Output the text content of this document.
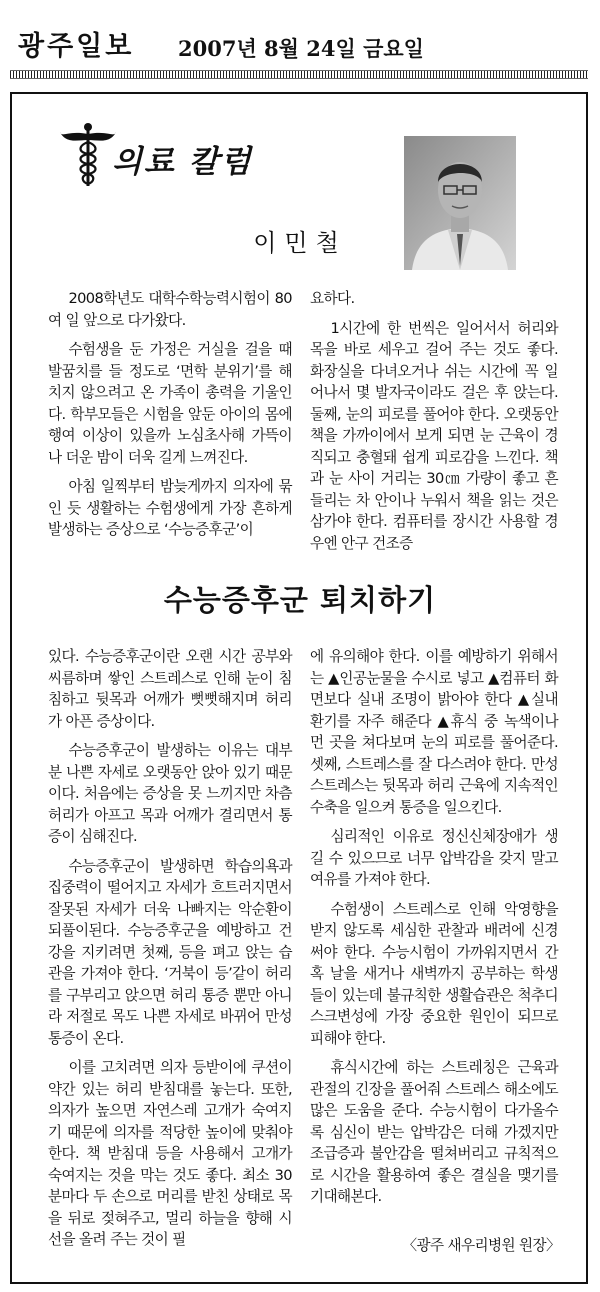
광주일보 2007년 8월 24일 금요일
의료 칼럼
이민철

2008학년도 대학수학능력시험이 80여 일 앞으로 다가왔다.

수험생을 둔 가정은 거실을 걸을 때 발꿈치를 들 정도로 ‘면학 분위기’를 해치지 않으려고 온 가족이 총력을 기울인다. 학부모들은 시험을 앞둔 아이의 몸에 행여 이상이 있을까 노심초사해 가뜩이나 더운 밤이 더욱 길게 느껴진다.

아침 일찍부터 밤늦게까지 의자에 묶인 듯 생활하는 수험생에게 가장 흔하게 발생하는 증상으로 ‘수능증후군’이

요하다.

1시간에 한 번씩은 일어서서 허리와 목을 바로 세우고 걸어 주는 것도 좋다. 화장실을 다녀오거나 쉬는 시간에 꼭 일어나서 몇 발자국이라도 걸은 후 앉는다. 둘째, 눈의 피로를 풀어야 한다. 오랫동안 책을 가까이에서 보게 되면 눈 근육이 경직되고 충혈돼 쉽게 피로감을 느낀다. 책과 눈 사이 거리는 30㎝ 가량이 좋고 흔들리는 차 안이나 누워서 책을 읽는 것은 삼가야 한다. 컴퓨터를 장시간 사용할 경우엔 안구 건조증

수능증후군 퇴치하기

있다. 수능증후군이란 오랜 시간 공부와 씨름하며 쌓인 스트레스로 인해 눈이 침침하고 뒷목과 어깨가 뻣뻣해지며 허리가 아픈 증상이다.

수능증후군이 발생하는 이유는 대부분 나쁜 자세로 오랫동안 앉아 있기 때문이다. 처음에는 증상을 못 느끼지만 차츰 허리가 아프고 목과 어깨가 결리면서 통증이 심해진다.

수능증후군이 발생하면 학습의욕과 집중력이 떨어지고 자세가 흐트러지면서 잘못된 자세가 더욱 나빠지는 악순환이 되풀이된다. 수능증후군을 예방하고 건강을 지키려면 첫째, 등을 펴고 앉는 습관을 가져야 한다. ‘거북이 등’같이 허리를 구부리고 앉으면 허리 통증 뿐만 아니라 저절로 목도 나쁜 자세로 바뀌어 만성통증이 온다.

이를 고치려면 의자 등받이에 쿠션이 약간 있는 허리 받침대를 놓는다. 또한, 의자가 높으면 자연스레 고개가 숙여지기 때문에 의자를 적당한 높이에 맞춰야 한다. 책 받침대 등을 사용해서 고개가 숙여지는 것을 막는 것도 좋다. 최소 30분마다 두 손으로 머리를 받친 상태로 목을 뒤로 젖혀주고, 멀리 하늘을 향해 시선을 올려 주는 것이 필

에 유의해야 한다. 이를 예방하기 위해서는 ▲인공눈물을 수시로 넣고 ▲컴퓨터 화면보다 실내 조명이 밝아야 한다 ▲실내 환기를 자주 해준다 ▲휴식 중 녹색이나 먼 곳을 쳐다보며 눈의 피로를 풀어준다. 셋째, 스트레스를 잘 다스려야 한다. 만성 스트레스는 뒷목과 허리 근육에 지속적인 수축을 일으켜 통증을 일으킨다.

심리적인 이유로 정신신체장애가 생길 수 있으므로 너무 압박감을 갖지 말고 여유를 가져야 한다.

수험생이 스트레스로 인해 악영향을 받지 않도록 세심한 관찰과 배려에 신경 써야 한다. 수능시험이 가까워지면서 간혹 날을 새거나 새벽까지 공부하는 학생들이 있는데 불규칙한 생활습관은 척추디스크변성에 가장 중요한 원인이 되므로 피해야 한다.

휴식시간에 하는 스트레칭은 근육과 관절의 긴장을 풀어줘 스트레스 해소에도 많은 도움을 준다. 수능시험이 다가올수록 심신이 받는 압박감은 더해 가겠지만 조급증과 불안감을 떨쳐버리고 규칙적으로 시간을 활용하여 좋은 결실을 맺기를 기대해본다.

〈광주 새우리병원 원장〉
